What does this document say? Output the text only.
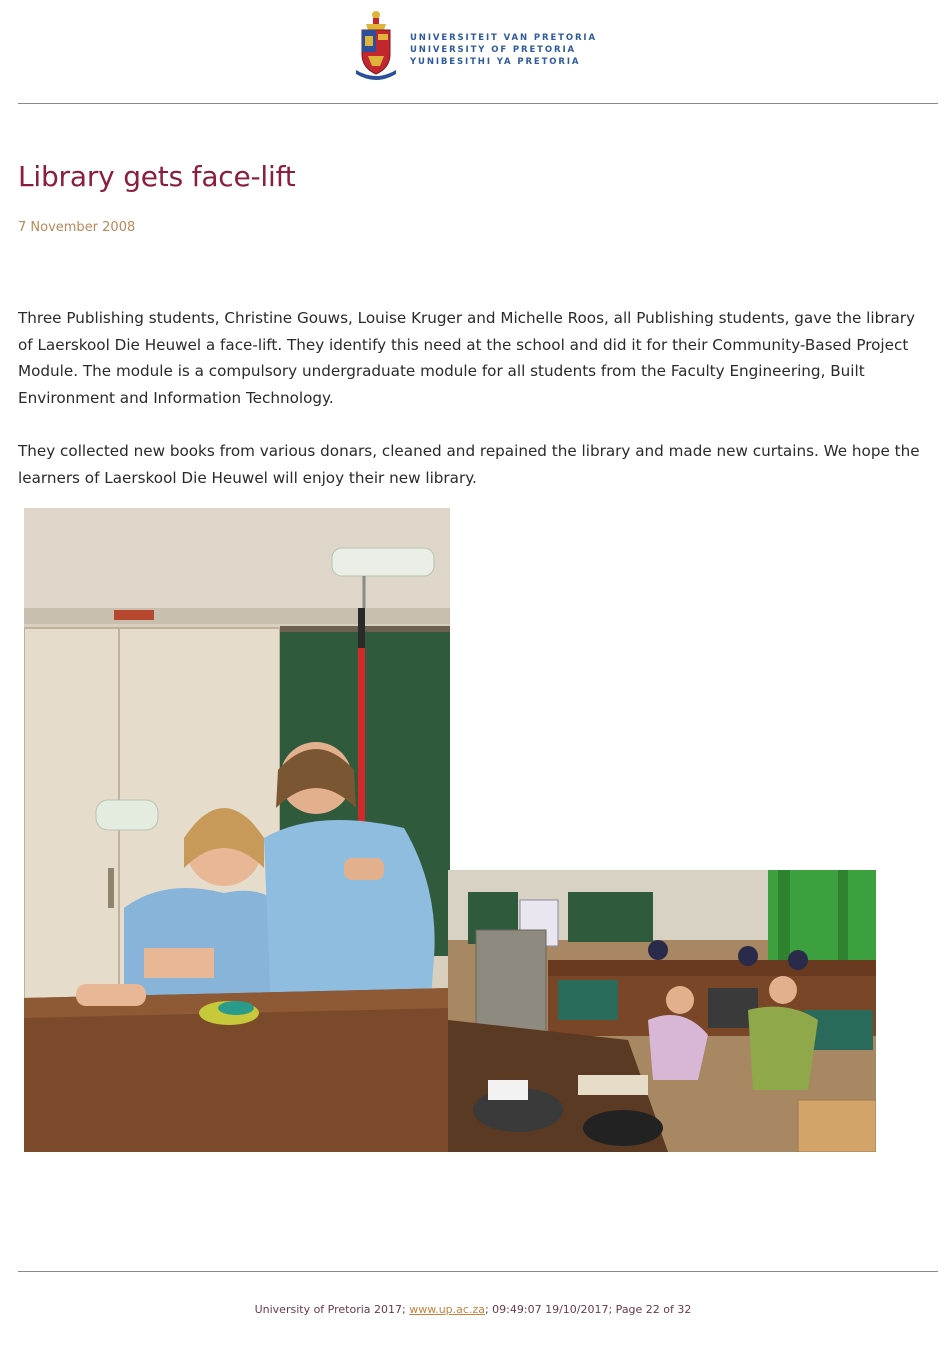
UNIVERSITEIT VAN PRETORIA
UNIVERSITY OF PRETORIA
YUNIBESITHI YA PRETORIA
Library gets face-lift
7 November 2008

Three Publishing students, Christine Gouws, Louise Kruger and Michelle Roos, all Publishing students, gave the library of Laerskool Die Heuwel a face-lift. They identify this need at the school and did it for their Community-Based Project Module. The module is a compulsory undergraduate module for all students from the Faculty Engineering, Built Environment and Information Technology.

They collected new books from various donars, cleaned and repained the library and made new curtains. We hope the learners of Laerskool Die Heuwel will enjoy their new library.

University of Pretoria 2017; www.up.ac.za; 09:49:07 19/10/2017; Page 22 of 32
